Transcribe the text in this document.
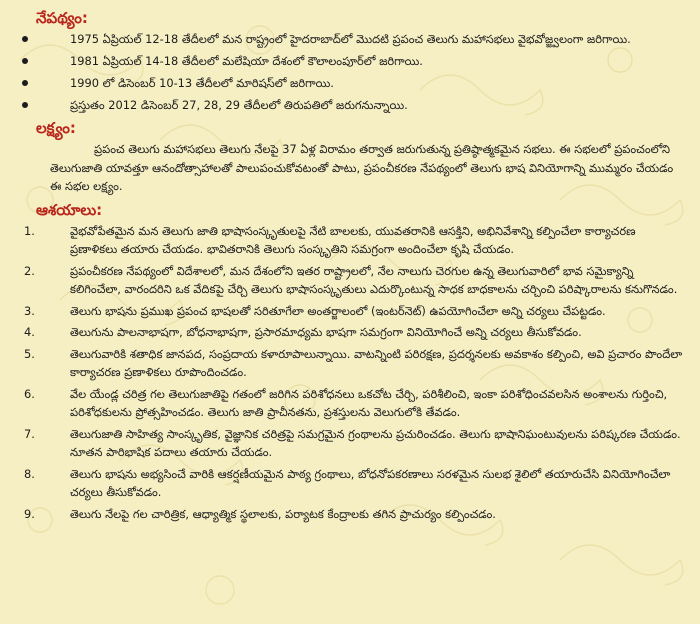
నేపథ్యం:
1975 ఏప్రియల్ 12-18 తేదీలలో మన రాష్ట్రంలో హైదరాబాద్‌లో మొదటి ప్రపంచ తెలుగు మహాసభలు వైభవోజ్జ్వలంగా జరిగాయి.
1981 ఏప్రియల్ 14-18 తేదీలలో మలేషియా దేశంలో కౌలాలంపూర్‌లో జరిగాయి.
1990 లో డిసెంబర్ 10-13 తేదీలలో మారిషస్‌లో జరిగాయి.
ప్రస్తుతం 2012 డిసెంబర్ 27, 28, 29 తేదీలలో తిరుపతిలో జరుగనున్నాయి.
లక్ష్యం:

ప్రపంచ తెలుగు మహాసభలు తెలుగు నేలపై 37 ఏళ్ల విరామం తర్వాత జరుగుతున్న ప్రతిష్ఠాత్మకమైన సభలు. ఈ సభలలో ప్రపంచంలోని తెలుగుజాతి యావత్తూ ఆనందోత్సాహాలతో పాలుపంచుకోవటంతో పాటు, ప్రపంచీకరణ నేపథ్యంలో తెలుగు భాష వినియోగాన్ని ముమ్మరం చేయడం ఈ సభల లక్ష్యం.

ఆశయాలు:
1.	వైభవోపేతమైన మన తెలుగు జాతి భాషాసంస్కృతులపై నేటి బాలలకు, యువతరానికి ఆసక్తిని, అభినివేశాన్ని కల్పించేలా కార్యాచరణ ప్రణాళికలు తయారు చేయడం. భావితరానికి తెలుగు సంస్కృతిని సమగ్రంగా అందించేలా కృషి చేయడం.
2.	ప్రపంచీకరణ నేపథ్యంలో విదేశాలలో, మన దేశంలోని ఇతర రాష్ట్రాలలో, నేల నాలుగు చెరగుల ఉన్న తెలుగువారిలో భావ సమైక్యాన్ని కలిగించేలా, వారందరిని ఒక వేదికపై చేర్చి తెలుగు భాషాసంస్కృతులు ఎదుర్కొంటున్న సాధక బాధకాలను చర్చించి పరిష్కారాలను కనుగొనడం.
3.	తెలుగు భాషను ప్రముఖ ప్రపంచ భాషలతో సరితూగేలా అంతర్జాలంలో (ఇంటర్‌నెట్) ఉపయోగించేలా అన్ని చర్యలు చేపట్టడం.
4.	తెలుగును పాలనాభాషగా, బోధనాభాషగా, ప్రసారమాధ్యమ భాషగా సమగ్రంగా వినియోగించే అన్ని చర్యలు తీసుకోవడం.
5.	తెలుగువారికి శతాధిక జానపద, సంప్రదాయ కళారూపాలున్నాయి. వాటన్నింటి పరిరక్షణ, ప్రదర్శనలకు అవకాశం కల్పించి, అవి ప్రచారం పొందేలా కార్యాచరణ ప్రణాళికలు రూపొందించడం.
6.	వేల యేండ్ల చరిత్ర గల తెలుగుజాతిపై గతంలో జరిగిన పరిశోధనలు ఒకచోట చేర్చి, పరిశీలించి, ఇంకా పరిశోధించవలసిన అంశాలను గుర్తించి, పరిశోధకులను ప్రోత్సహించడం. తెలుగు జాతి ప్రాచీనతను, ప్రశస్తులను వెలుగులోకి తేవడం.
7.	తెలుగుజాతి సాహిత్య సాంస్కృతిక, వైజ్ఞానిక చరిత్రపై సమగ్రమైన గ్రంథాలను ప్రచురించడం. తెలుగు భాషానిఘంటువులను పరిష్కరణ చేయడం. నూతన పారిభాషిక పదాలు తయారు చేయడం.
8.	తెలుగు భాషను అభ్యసించే వారికి ఆకర్షణీయమైన పాఠ్య గ్రంథాలు, బోధనోపకరణాలు సరళమైన సులభ శైలిలో తయారుచేసి వినియోగించేలా చర్యలు తీసుకోవడం.
9.	తెలుగు నేలపై గల చారిత్రిక, ఆధ్యాత్మిక స్థలాలకు, పర్యాటక కేంద్రాలకు తగిన ప్రాచుర్యం కల్పించడం.
